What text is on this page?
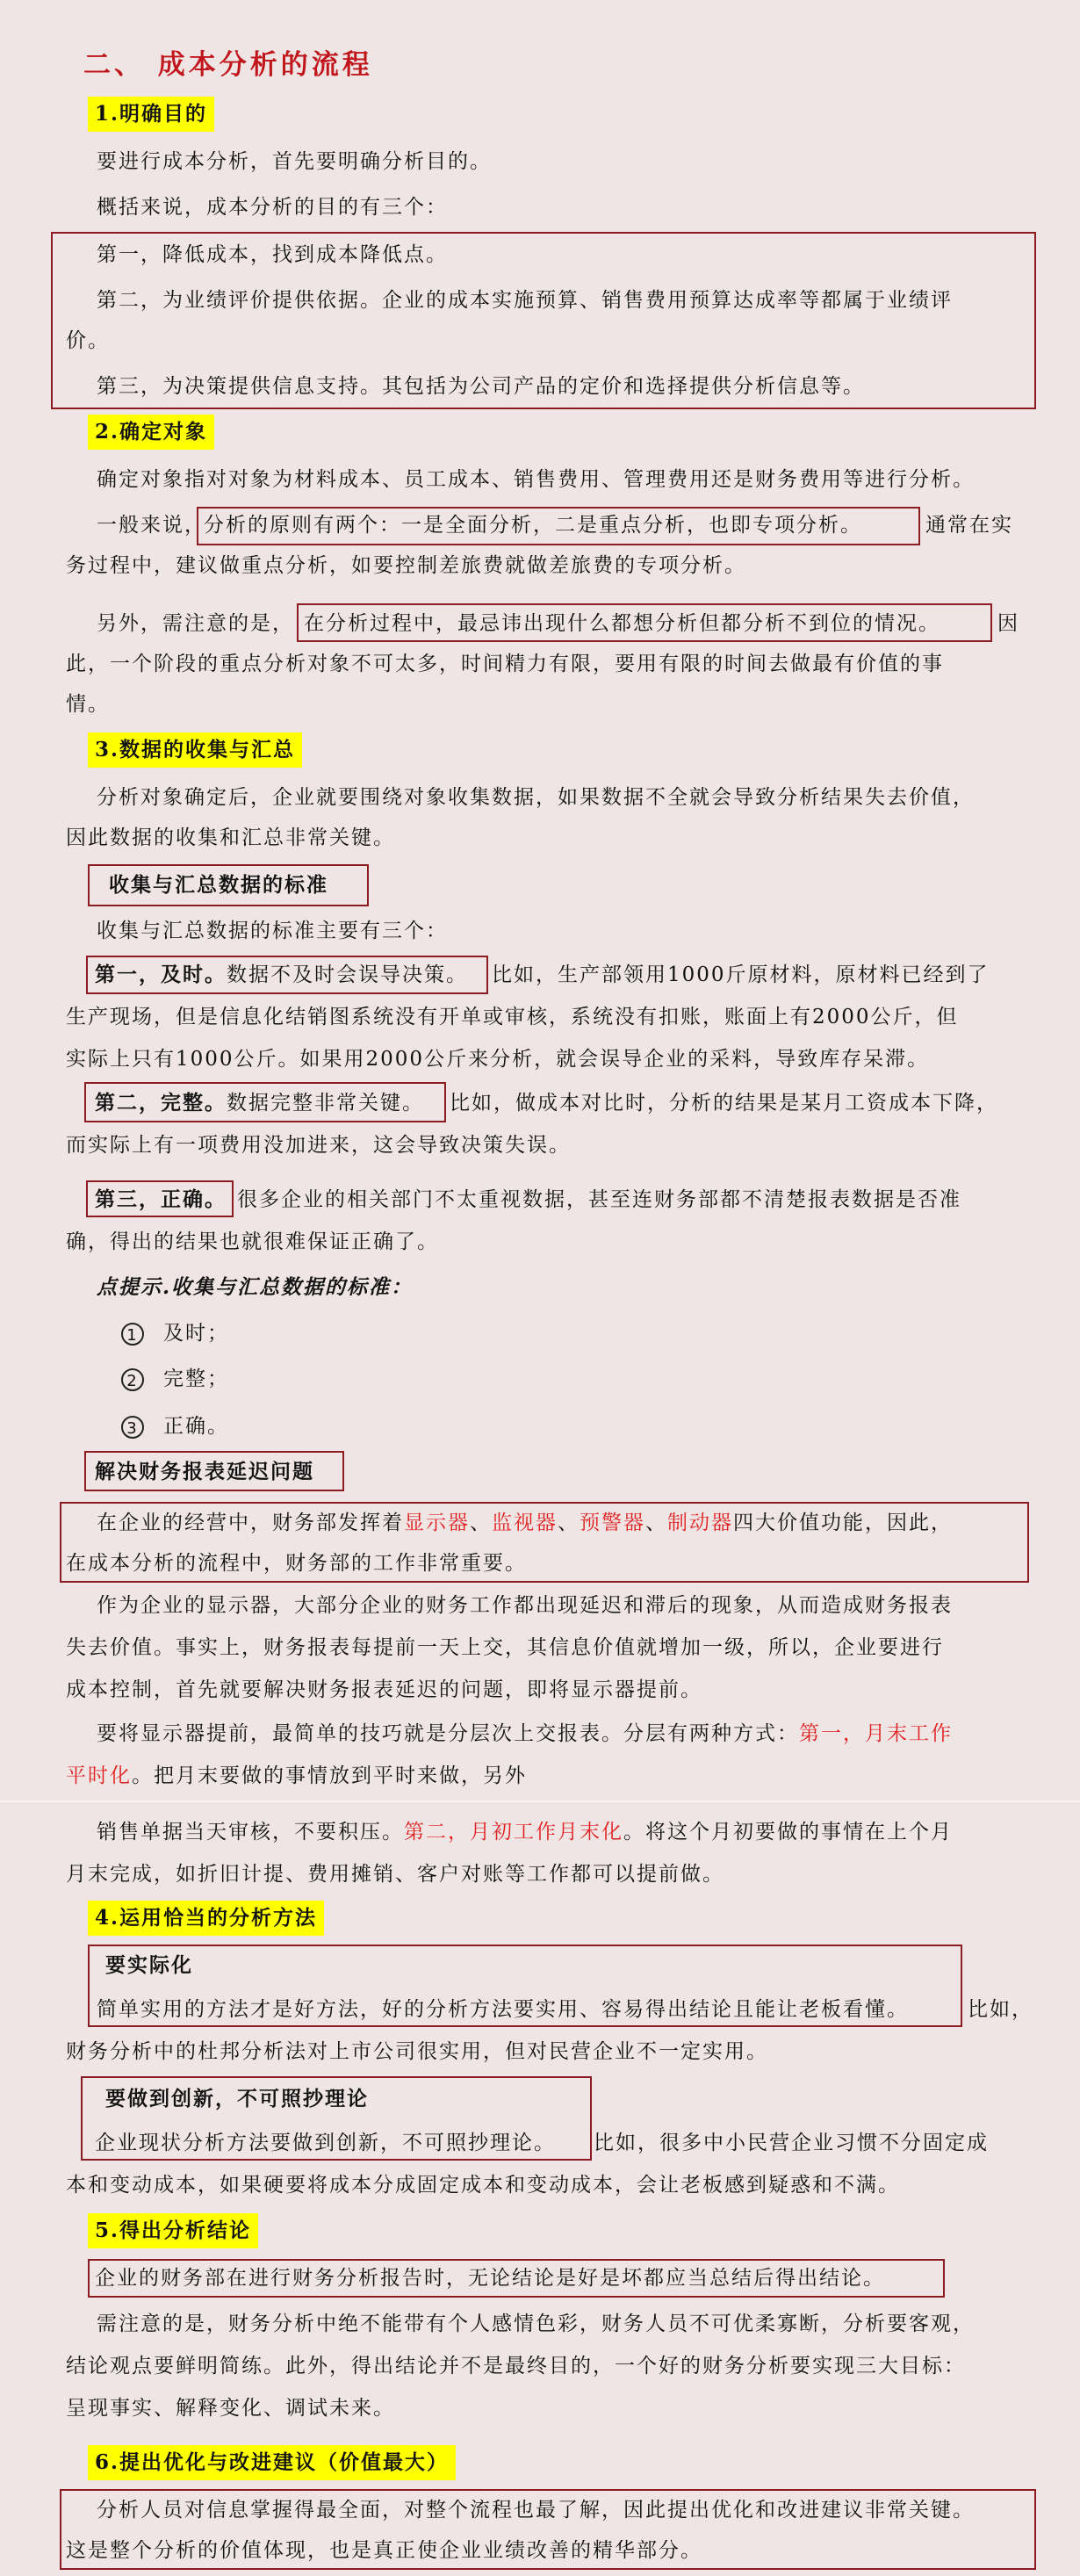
二、 成本分析的流程
1.明确目的
要进行成本分析，首先要明确分析目的。
概括来说，成本分析的目的有三个：
第一，降低成本，找到成本降低点。
第二，为业绩评价提供依据。企业的成本实施预算、销售费用预算达成率等都属于业绩评
价。
第三，为决策提供信息支持。其包括为公司产品的定价和选择提供分析信息等。
2.确定对象
确定对象指对对象为材料成本、员工成本、销售费用、管理费用还是财务费用等进行分析。
一般来说，
分析的原则有两个：一是全面分析，二是重点分析，也即专项分析。	通常在实
务过程中，建议做重点分析，如要控制差旅费就做差旅费的专项分析。
另外，需注意的是， 在分析过程中，最忌讳出现什么都想分析但都分析不到位的情况。	因
此，一个阶段的重点分析对象不可太多，时间精力有限，要用有限的时间去做最有价值的事
情。
3.数据的收集与汇总
分析对象确定后，企业就要围绕对象收集数据，如果数据不全就会导致分析结果失去价值，
因此数据的收集和汇总非常关键。
收集与汇总数据的标准
收集与汇总数据的标准主要有三个：
第一，及时。数据不及时会误导决策。 比如，生产部领用1000斤原材料，原材料已经到了
生产现场，但是信息化结销图系统没有开单或审核，系统没有扣账，账面上有2000公斤，但
实际上只有1000公斤。如果用2000公斤来分析，就会误导企业的采料，导致库存呆滞。
第二，完整。数据完整非常关键。 比如，做成本对比时，分析的结果是某月工资成本下降，
而实际上有一项费用没加进来，这会导致决策失误。
第三，正确。 很多企业的相关部门不太重视数据，甚至连财务部都不清楚报表数据是否准
确，得出的结果也就很难保证正确了。
点提示.收集与汇总数据的标准：
1 及时；
2 完整；
3 正确。
解决财务报表延迟问题
在企业的经营中，财务部发挥着显示器、监视器、预警器、制动器四大价值功能，因此，
在成本分析的流程中，财务部的工作非常重要。
作为企业的显示器，大部分企业的财务工作都出现延迟和滞后的现象，从而造成财务报表
失去价值。事实上，财务报表每提前一天上交，其信息价值就增加一级，所以，企业要进行
成本控制，首先就要解决财务报表延迟的问题，即将显示器提前。
要将显示器提前，最简单的技巧就是分层次上交报表。分层有两种方式：第一，月末工作
平时化。把月末要做的事情放到平时来做，另外
销售单据当天审核，不要积压。第二，月初工作月末化。将这个月初要做的事情在上个月
月末完成，如折旧计提、费用摊销、客户对账等工作都可以提前做。
4.运用恰当的分析方法
要实际化
简单实用的方法才是好方法，好的分析方法要实用、容易得出结论且能让老板看懂。	比如，
财务分析中的杜邦分析法对上市公司很实用，但对民营企业不一定实用。
要做到创新，不可照抄理论
企业现状分析方法要做到创新，不可照抄理论。 比如，很多中小民营企业习惯不分固定成
本和变动成本，如果硬要将成本分成固定成本和变动成本，会让老板感到疑惑和不满。
5.得出分析结论
企业的财务部在进行财务分析报告时，无论结论是好是坏都应当总结后得出结论。
需注意的是，财务分析中绝不能带有个人感情色彩，财务人员不可优柔寡断，分析要客观，
结论观点要鲜明简练。此外，得出结论并不是最终目的，一个好的财务分析要实现三大目标：
呈现事实、解释变化、调试未来。
6.提出优化与改进建议（价值最大）
分析人员对信息掌握得最全面，对整个流程也最了解，因此提出优化和改进建议非常关键。
这是整个分析的价值体现，也是真正使企业业绩改善的精华部分。
